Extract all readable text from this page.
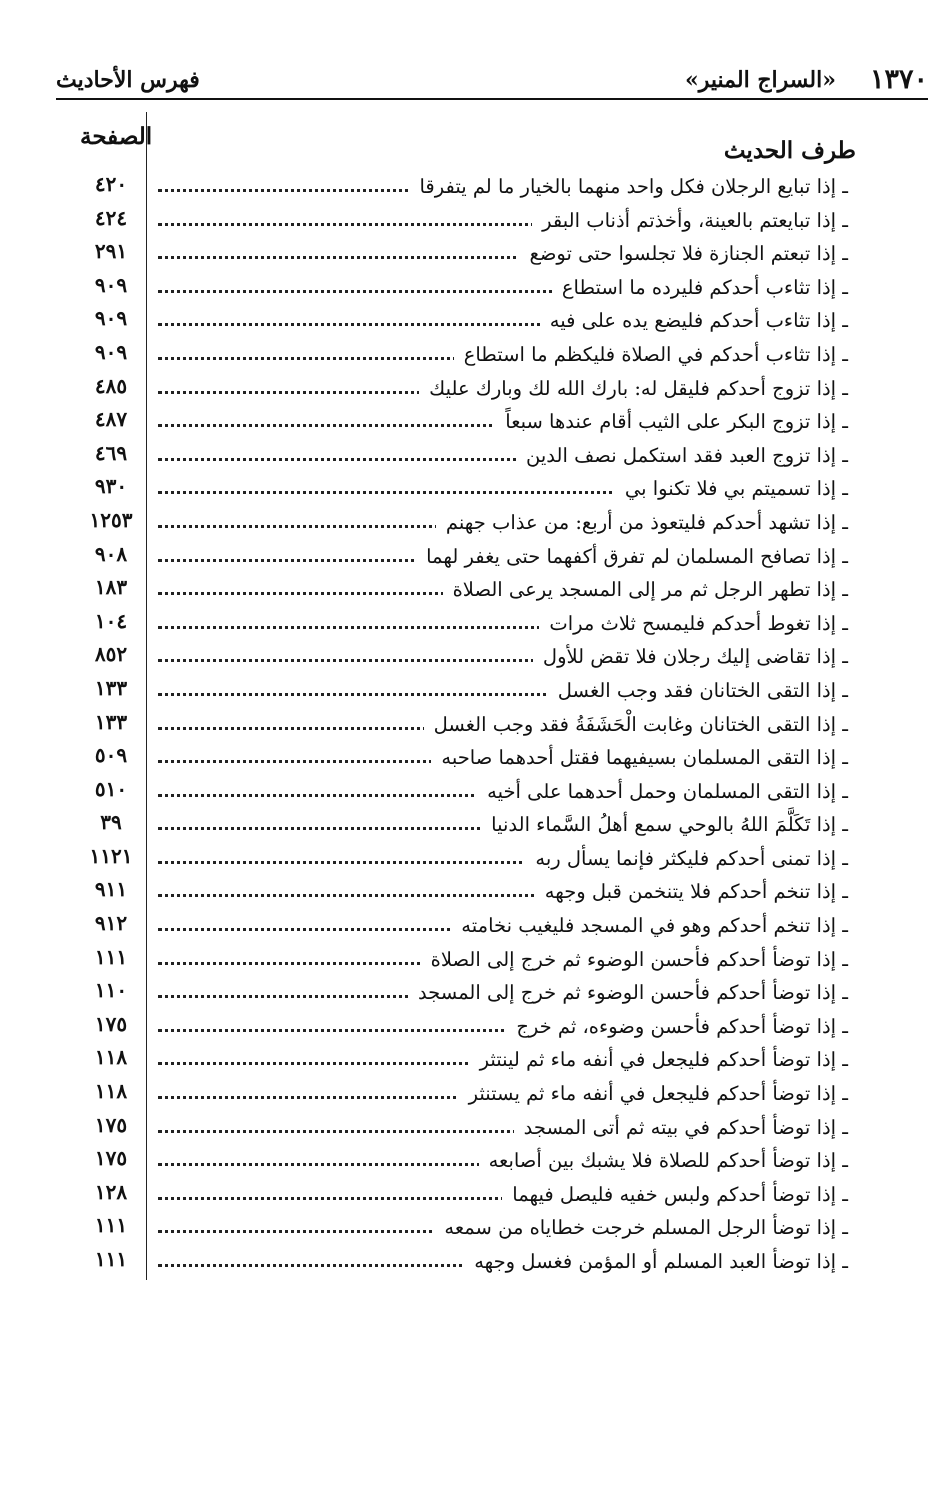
١٣٧٠
«السراج المنير»
فهرس الأحاديث
طرف الحديث
الصفحة
ـ إذا تبايع الرجلان فكل واحد منهما بالخيار ما لم يتفرقا
٤٢٠
ـ إذا تبايعتم بالعينة، وأخذتم أذناب البقر
٤٢٤
ـ إذا تبعتم الجنازة فلا تجلسوا حتى توضع
٢٩١
ـ إذا تثاءب أحدكم فليرده ما استطاع
٩٠٩
ـ إذا تثاءب أحدكم فليضع يده على فيه
٩٠٩
ـ إذا تثاءب أحدكم في الصلاة فليكظم ما استطاع
٩٠٩
ـ إذا تزوج أحدكم فليقل له: بارك الله لك وبارك عليك
٤٨٥
ـ إذا تزوج البكر على الثيب أقام عندها سبعاً
٤٨٧
ـ إذا تزوج العبد فقد استكمل نصف الدين
٤٦٩
ـ إذا تسميتم بي فلا تكنوا بي
٩٣٠
ـ إذا تشهد أحدكم فليتعوذ من أربع: من عذاب جهنم
١٢٥٣
ـ إذا تصافح المسلمان لم تفرق أكفهما حتى يغفر لهما
٩٠٨
ـ إذا تطهر الرجل ثم مر إلى المسجد يرعى الصلاة
١٨٣
ـ إذا تغوط أحدكم فليمسح ثلاث مرات
١٠٤
ـ إذا تقاضى إليك رجلان فلا تقض للأول
٨٥٢
ـ إذا التقى الختانان فقد وجب الغسل
١٣٣
ـ إذا التقى الختانان وغابت الْحَشَفَةُ فقد وجب الغسل
١٣٣
ـ إذا التقى المسلمان بسيفيهما فقتل أحدهما صاحبه
٥٠٩
ـ إذا التقى المسلمان وحمل أحدهما على أخيه
٥١٠
ـ إذا تَكَلَّمَ اللهُ بالوحي سمع أهلُ السَّماء الدنيا
٣٩
ـ إذا تمنى أحدكم فليكثر فإنما يسأل ربه
١١٢١
ـ إذا تنخم أحدكم فلا يتنخمن قبل وجهه
٩١١
ـ إذا تنخم أحدكم وهو في المسجد فليغيب نخامته
٩١٢
ـ إذا توضأ أحدكم فأحسن الوضوء ثم خرج إلى الصلاة
١١١
ـ إذا توضأ أحدكم فأحسن الوضوء ثم خرج إلى المسجد
١١٠
ـ إذا توضأ أحدكم فأحسن وضوءه، ثم خرج
١٧٥
ـ إذا توضأ أحدكم فليجعل في أنفه ماء ثم لينتثر
١١٨
ـ إذا توضأ أحدكم فليجعل في أنفه ماء ثم يستنثر
١١٨
ـ إذا توضأ أحدكم في بيته ثم أتى المسجد
١٧٥
ـ إذا توضأ أحدكم للصلاة فلا يشبك بين أصابعه
١٧٥
ـ إذا توضأ أحدكم ولبس خفيه فليصل فيهما
١٢٨
ـ إذا توضأ الرجل المسلم خرجت خطاياه من سمعه
١١١
ـ إذا توضأ العبد المسلم أو المؤمن فغسل وجهه
١١١
